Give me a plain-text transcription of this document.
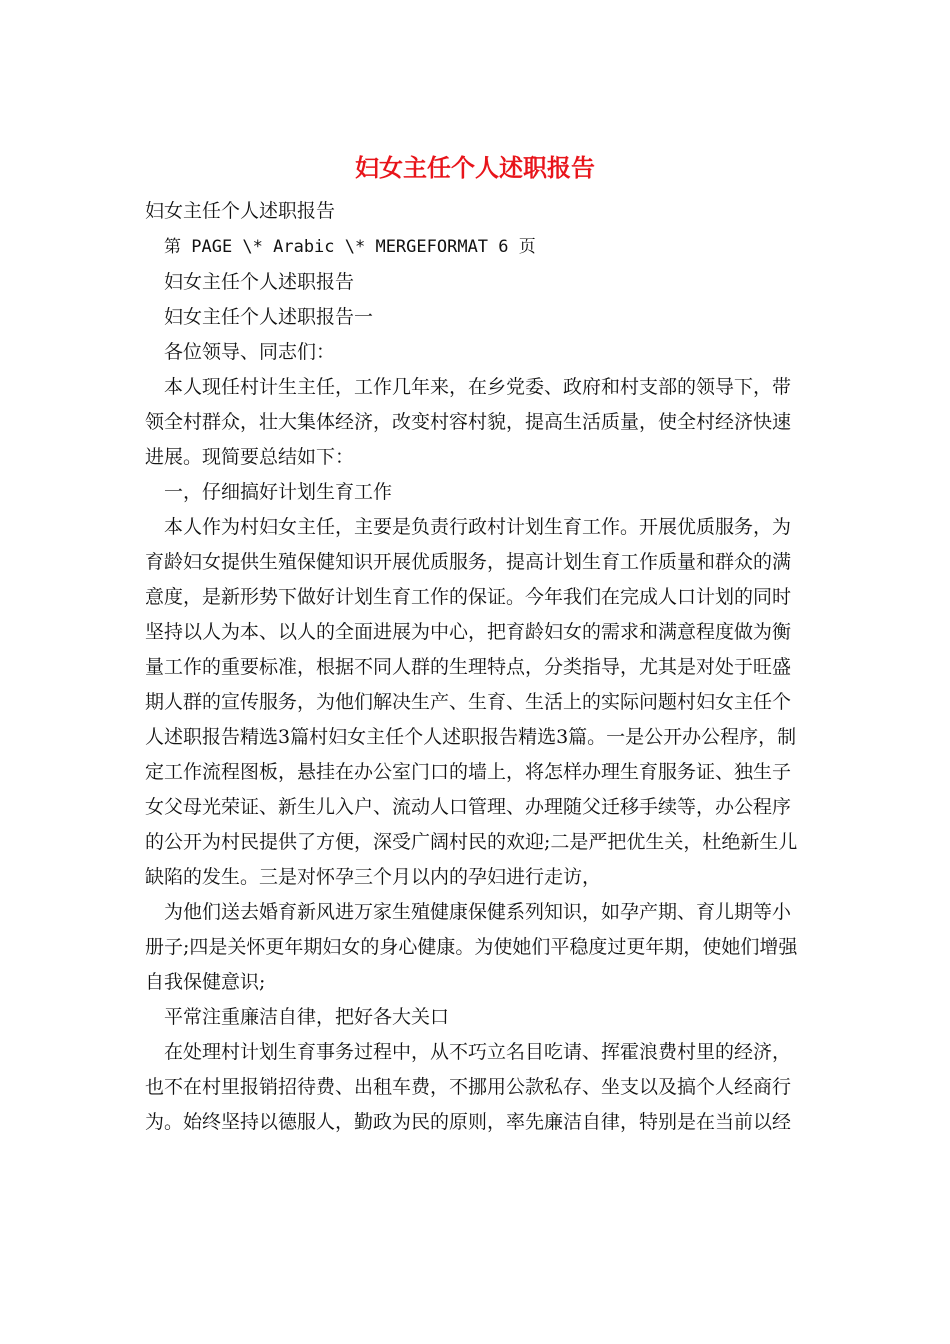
妇女主任个人述职报告

妇女主任个人述职报告

第 PAGE \* Arabic \* MERGEFORMAT 6 页

妇女主任个人述职报告

妇女主任个人述职报告一

各位领导、同志们：

本人现任村计生主任，工作几年来，在乡党委、政府和村支部的领导下，带领全村群众，壮大集体经济，改变村容村貌，提高生活质量，使全村经济快速进展。现简要总结如下：

一，仔细搞好计划生育工作

本人作为村妇女主任，主要是负责行政村计划生育工作。开展优质服务，为育龄妇女提供生殖保健知识开展优质服务，提高计划生育工作质量和群众的满意度，是新形势下做好计划生育工作的保证。今年我们在完成人口计划的同时坚持以人为本、以人的全面进展为中心，把育龄妇女的需求和满意程度做为衡量工作的重要标准，根据不同人群的生理特点，分类指导，尤其是对处于旺盛期人群的宣传服务，为他们解决生产、生育、生活上的实际问题村妇女主任个人述职报告精选3篇村妇女主任个人述职报告精选3篇。一是公开办公程序，制定工作流程图板，悬挂在办公室门口的墙上，将怎样办理生育服务证、独生子女父母光荣证、新生儿入户、流动人口管理、办理随父迁移手续等，办公程序的公开为村民提供了方便，深受广阔村民的欢迎;二是严把优生关，杜绝新生儿缺陷的发生。三是对怀孕三个月以内的孕妇进行走访，

为他们送去婚育新风进万家生殖健康保健系列知识，如孕产期、育儿期等小册子;四是关怀更年期妇女的身心健康。为使她们平稳度过更年期，使她们增强自我保健意识;

平常注重廉洁自律，把好各大关口

在处理村计划生育事务过程中，从不巧立名目吃请、挥霍浪费村里的经济，也不在村里报销招待费、出租车费，不挪用公款私存、坐支以及搞个人经商行为。始终坚持以德服人，勤政为民的原则，率先廉洁自律，特别是在当前以经
